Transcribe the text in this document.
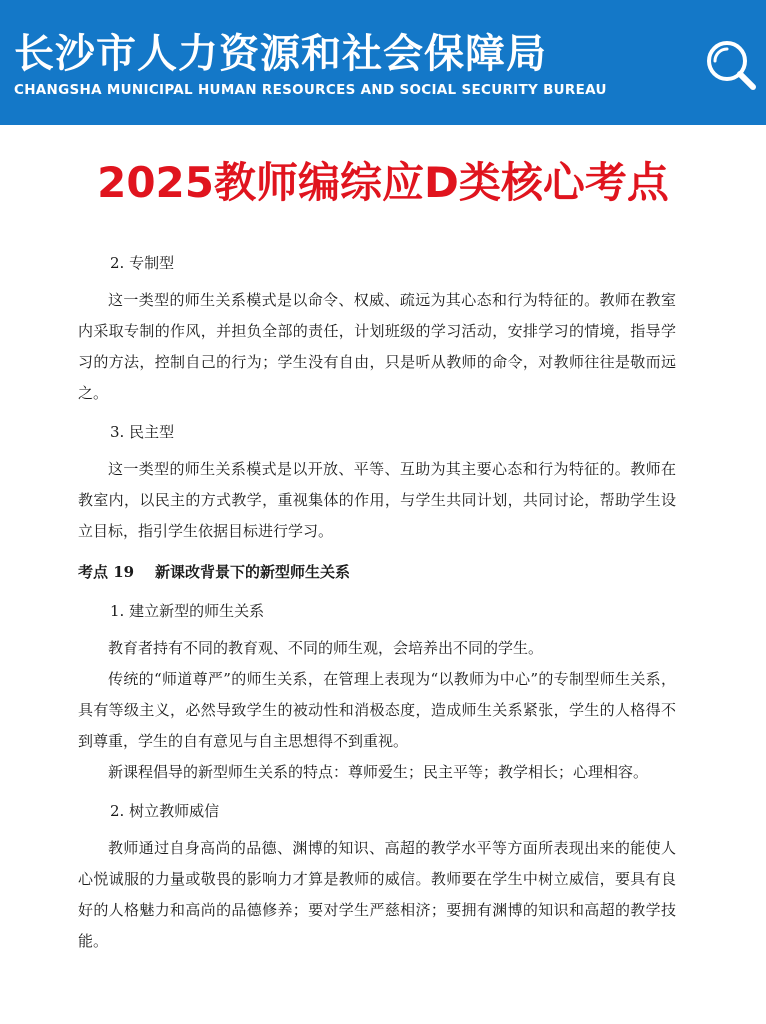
长沙市人力资源和社会保障局
CHANGSHA MUNICIPAL HUMAN RESOURCES AND SOCIAL SECURITY BUREAU
2025教师编综应D类核心考点

2. 专制型

这一类型的师生关系模式是以命令、权威、疏远为其心态和行为特征的。教师在教室内采取专制的作风，并担负全部的责任，计划班级的学习活动，安排学习的情境，指导学习的方法，控制自己的行为；学生没有自由，只是听从教师的命令，对教师往往是敬而远之。

3. 民主型

这一类型的师生关系模式是以开放、平等、互助为其主要心态和行为特征的。教师在教室内，以民主的方式教学，重视集体的作用，与学生共同计划，共同讨论，帮助学生设立目标，指引学生依据目标进行学习。

考点 19 新课改背景下的新型师生关系

1. 建立新型的师生关系

教育者持有不同的教育观、不同的师生观，会培养出不同的学生。

传统的“师道尊严”的师生关系，在管理上表现为“以教师为中心”的专制型师生关系，具有等级主义，必然导致学生的被动性和消极态度，造成师生关系紧张，学生的人格得不到尊重，学生的自有意见与自主思想得不到重视。

新课程倡导的新型师生关系的特点：尊师爱生；民主平等；教学相长；心理相容。

2. 树立教师威信

教师通过自身高尚的品德、渊博的知识、高超的教学水平等方面所表现出来的能使人心悦诚服的力量或敬畏的影响力才算是教师的威信。教师要在学生中树立威信，要具有良好的人格魅力和高尚的品德修养；要对学生严慈相济；要拥有渊博的知识和高超的教学技能。
